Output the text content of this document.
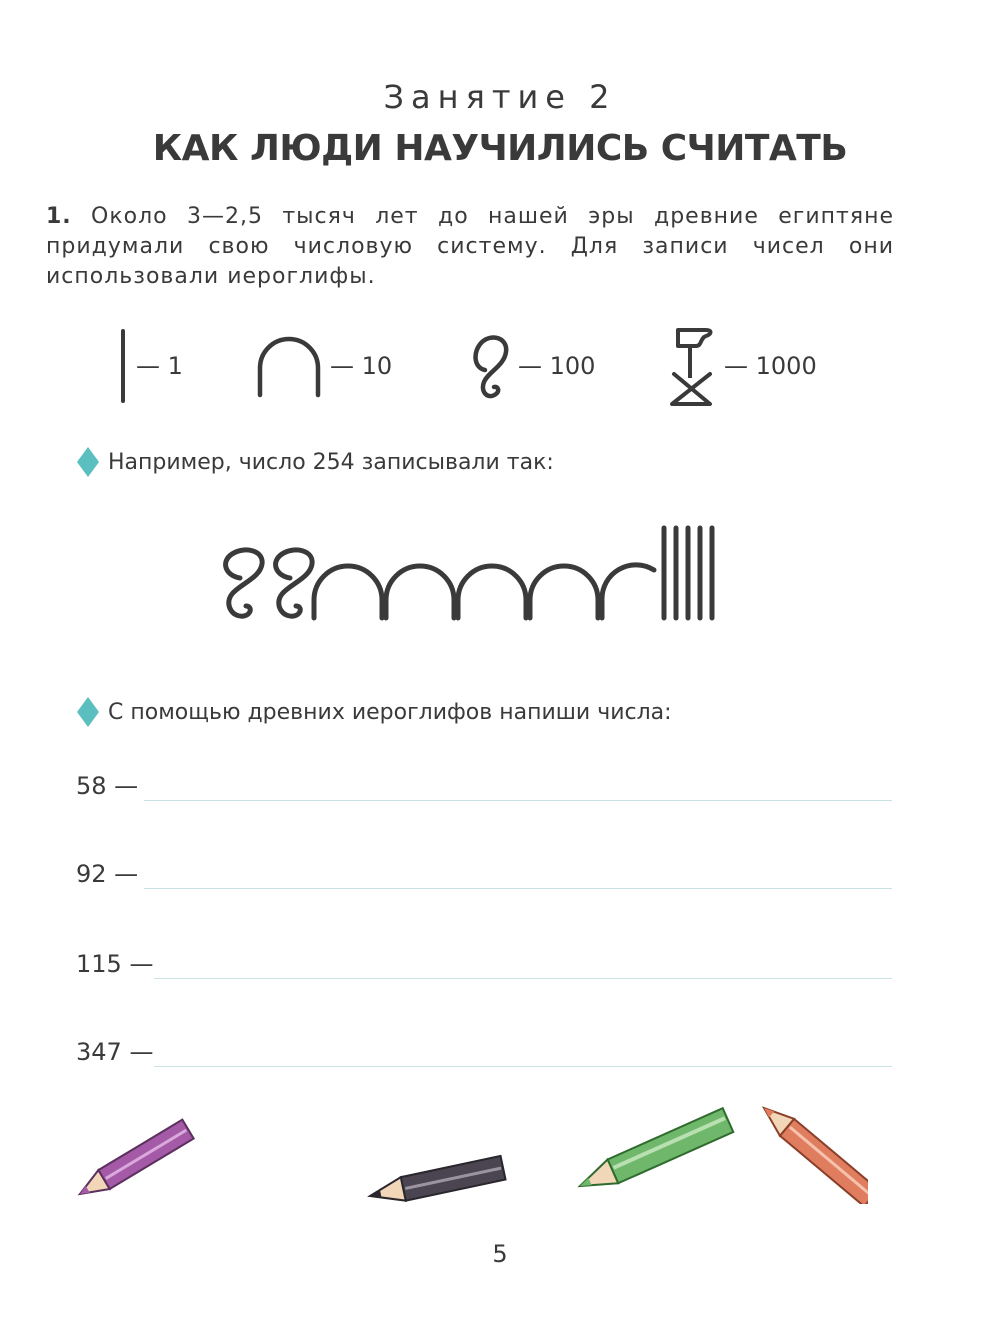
Занятие 2
КАК ЛЮДИ НАУЧИЛИСЬ СЧИТАТЬ
1. Около 3—2,5 тысяч лет до нашей эры древние египтяне придумали свою числовую систему. Для записи чисел они использовали иероглифы.
— 1	— 10	— 100	— 1000
Например, число 254 записывали так:
С помощью древних иероглифов напиши числа:
58 —
92 —
115 —
347 —
5
